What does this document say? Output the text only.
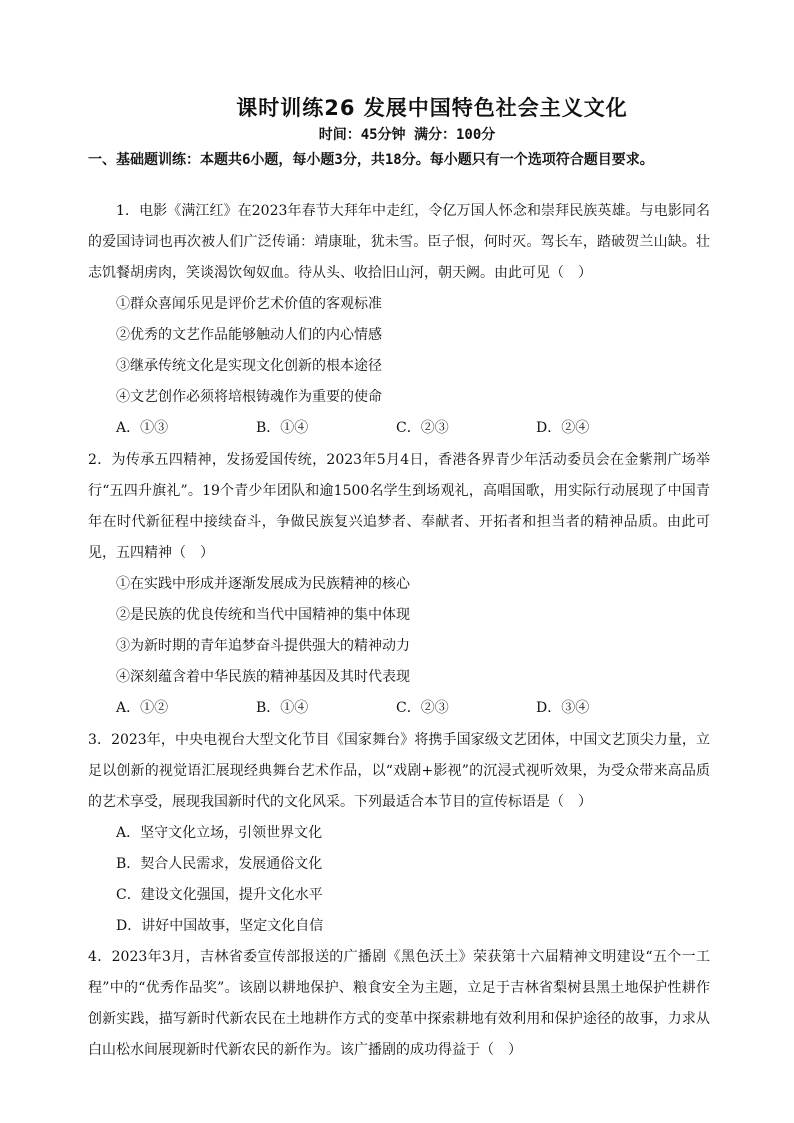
课时训练26 发展中国特色社会主义文化
时间：45分钟 满分：100分
一、基础题训练：本题共6小题，每小题3分，共18分。每小题只有一个选项符合题目要求。

1．电影《满江红》在2023年春节大拜年中走红，令亿万国人怀念和崇拜民族英雄。与电影同名的爱国诗词也再次被人们广泛传诵：靖康耻，犹未雪。臣子恨，何时灭。驾长车，踏破贺兰山缺。壮志饥餐胡虏肉，笑谈渴饮匈奴血。待从头、收拾旧山河，朝天阙。由此可见（　）

①群众喜闻乐见是评价艺术价值的客观标准

②优秀的文艺作品能够触动人们的内心情感

③继承传统文化是实现文化创新的根本途径

④文艺创作必须将培根铸魂作为重要的使命

A．①③	B．①④	C．②③	D．②④

2．为传承五四精神，发扬爱国传统，2023年5月4日，香港各界青少年活动委员会在金紫荆广场举行“五四升旗礼”。19个青少年团队和逾1500名学生到场观礼，高唱国歌，用实际行动展现了中国青年在时代新征程中接续奋斗，争做民族复兴追梦者、奉献者、开拓者和担当者的精神品质。由此可见，五四精神（　）

①在实践中形成并逐渐发展成为民族精神的核心

②是民族的优良传统和当代中国精神的集中体现

③为新时期的青年追梦奋斗提供强大的精神动力

④深刻蕴含着中华民族的精神基因及其时代表现

A．①②	B．①④	C．②③	D．③④

3．2023年，中央电视台大型文化节目《国家舞台》将携手国家级文艺团体，中国文艺顶尖力量，立足以创新的视觉语汇展现经典舞台艺术作品，以“戏剧+影视”的沉浸式视听效果，为受众带来高品质的艺术享受，展现我国新时代的文化风采。下列最适合本节目的宣传标语是（　）

A．坚守文化立场，引领世界文化

B．契合人民需求，发展通俗文化

C．建设文化强国，提升文化水平

D．讲好中国故事，坚定文化自信

4．2023年3月，吉林省委宣传部报送的广播剧《黑色沃土》荣获第十六届精神文明建设“五个一工程”中的“优秀作品奖”。该剧以耕地保护、粮食安全为主题，立足于吉林省梨树县黑土地保护性耕作创新实践，描写新时代新农民在土地耕作方式的变革中探索耕地有效利用和保护途径的故事，力求从白山松水间展现新时代新农民的新作为。该广播剧的成功得益于（　）
